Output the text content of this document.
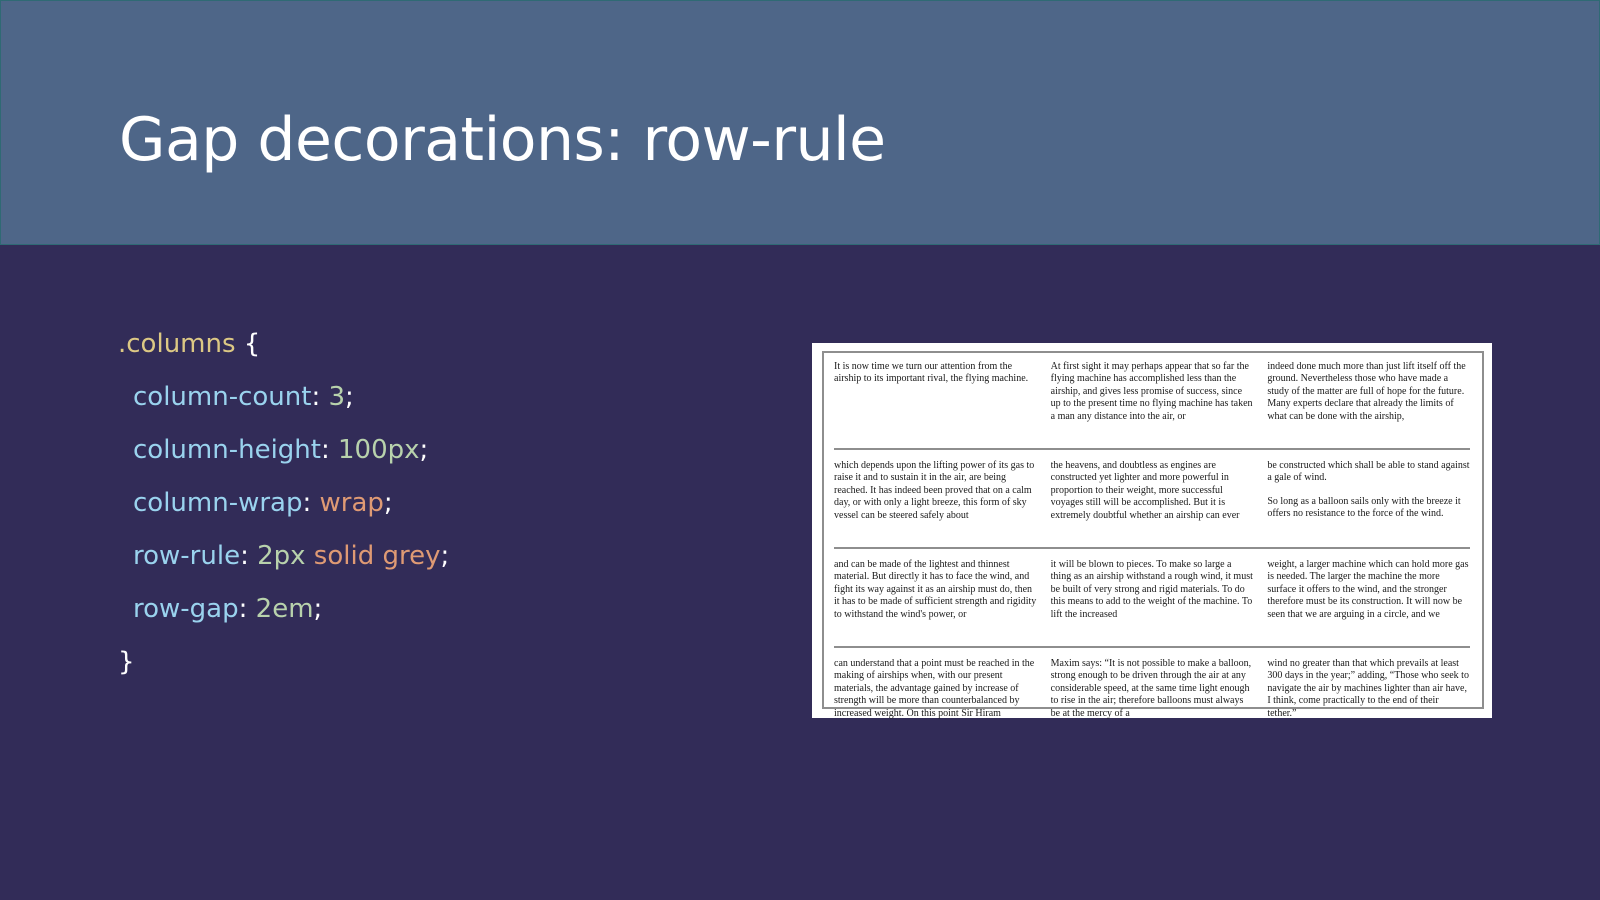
Gap decorations: row-rule
.columns {
column-count: 3;
column-height: 100px;
column-wrap: wrap;
row-rule: 2px solid grey;
row-gap: 2em;
}

It is now time we turn our attention from the airship to its important rival, the flying machine.

At first sight it may perhaps appear that so far the flying machine has accomplished less than the airship, and gives less promise of success, since up to the present time no flying machine has taken a man any distance into the air, or

indeed done much more than just lift itself off the ground. Nevertheless those who have made a study of the matter are full of hope for the future. Many experts declare that already the limits of what can be done with the airship,

which depends upon the lifting power of its gas to raise it and to sustain it in the air, are being reached. It has indeed been proved that on a calm day, or with only a light breeze, this form of sky vessel can be steered safely about

the heavens, and doubtless as engines are constructed yet lighter and more powerful in proportion to their weight, more successful voyages still will be accomplished. But it is extremely doubtful whether an airship can ever

be constructed which shall be able to stand against a gale of wind.

So long as a balloon sails only with the breeze it offers no resistance to the force of the wind.

and can be made of the lightest and thinnest material. But directly it has to face the wind, and fight its way against it as an airship must do, then it has to be made of sufficient strength and rigidity to withstand the wind's power, or

it will be blown to pieces. To make so large a thing as an airship withstand a rough wind, it must be built of very strong and rigid materials. To do this means to add to the weight of the machine. To lift the increased

weight, a larger machine which can hold more gas is needed. The larger the machine the more surface it offers to the wind, and the stronger therefore must be its construction. It will now be seen that we are arguing in a circle, and we

can understand that a point must be reached in the making of airships when, with our present materials, the advantage gained by increase of strength will be more than counterbalanced by increased weight. On this point Sir Hiram

Maxim says: “It is not possible to make a balloon, strong enough to be driven through the air at any considerable speed, at the same time light enough to rise in the air; therefore balloons must always be at the mercy of a

wind no greater than that which prevails at least 300 days in the year;” adding, “Those who seek to navigate the air by machines lighter than air have, I think, come practically to the end of their tether.”
